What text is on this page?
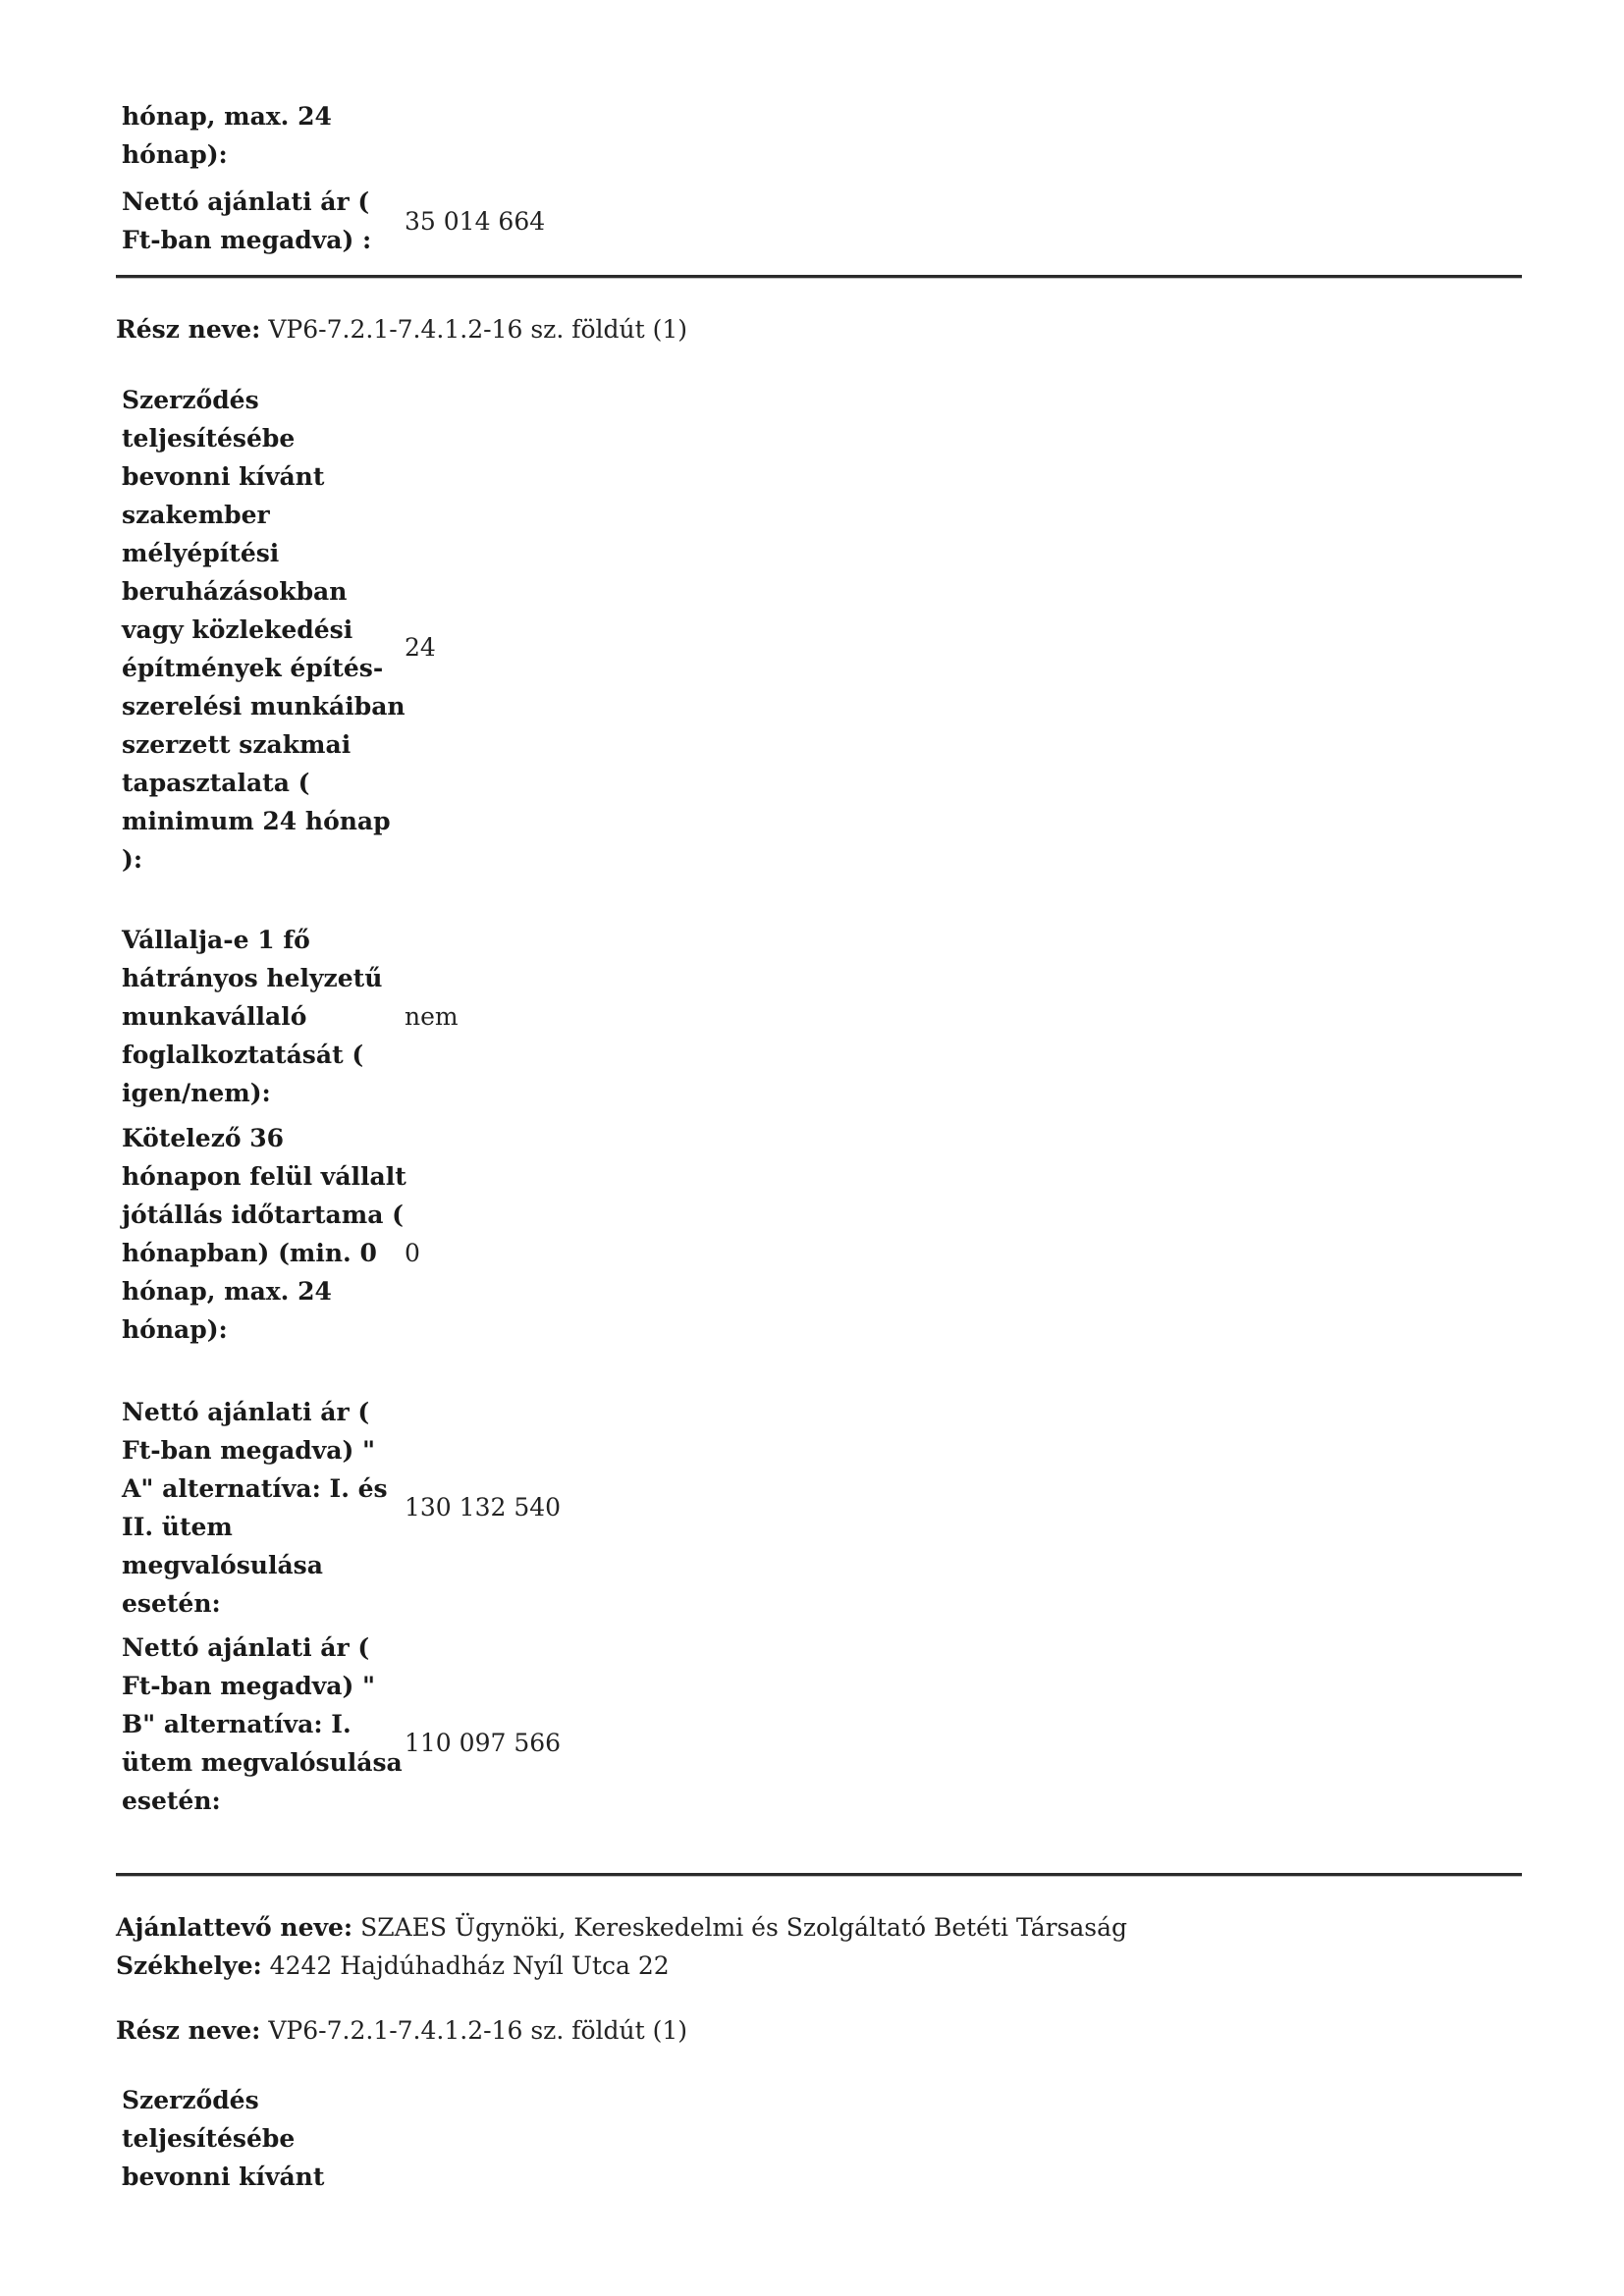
hónap, max. 24 hónap):
Nettó ajánlati ár ( Ft-ban megadva) :
35 014 664
Rész neve: VP6-7.2.1-7.4.1.2-16 sz. földút (1)
Szerződés teljesítésébe bevonni kívánt szakember mélyépítési beruházásokban vagy közlekedési építmények építés-szerelési munkáiban szerzett szakmai tapasztalata ( minimum 24 hónap ):
24
Vállalja-e 1 fő hátrányos helyzetű munkavállaló foglalkoztatását ( igen/nem):
nem
Kötelező 36 hónapon felül vállalt jótállás időtartama ( hónapban) (min. 0 hónap, max. 24 hónap):
0
Nettó ajánlati ár ( Ft-ban megadva) " A" alternatíva: I. és II. ütem megvalósulása esetén:
130 132 540
Nettó ajánlati ár ( Ft-ban megadva) " B" alternatíva: I. ütem megvalósulása esetén:
110 097 566
Ajánlattevő neve: SZAES Ügynöki, Kereskedelmi és Szolgáltató Betéti Társaság
Székhelye: 4242 Hajdúhadház Nyíl Utca 22
Rész neve: VP6-7.2.1-7.4.1.2-16 sz. földút (1)
Szerződés teljesítésébe bevonni kívánt
